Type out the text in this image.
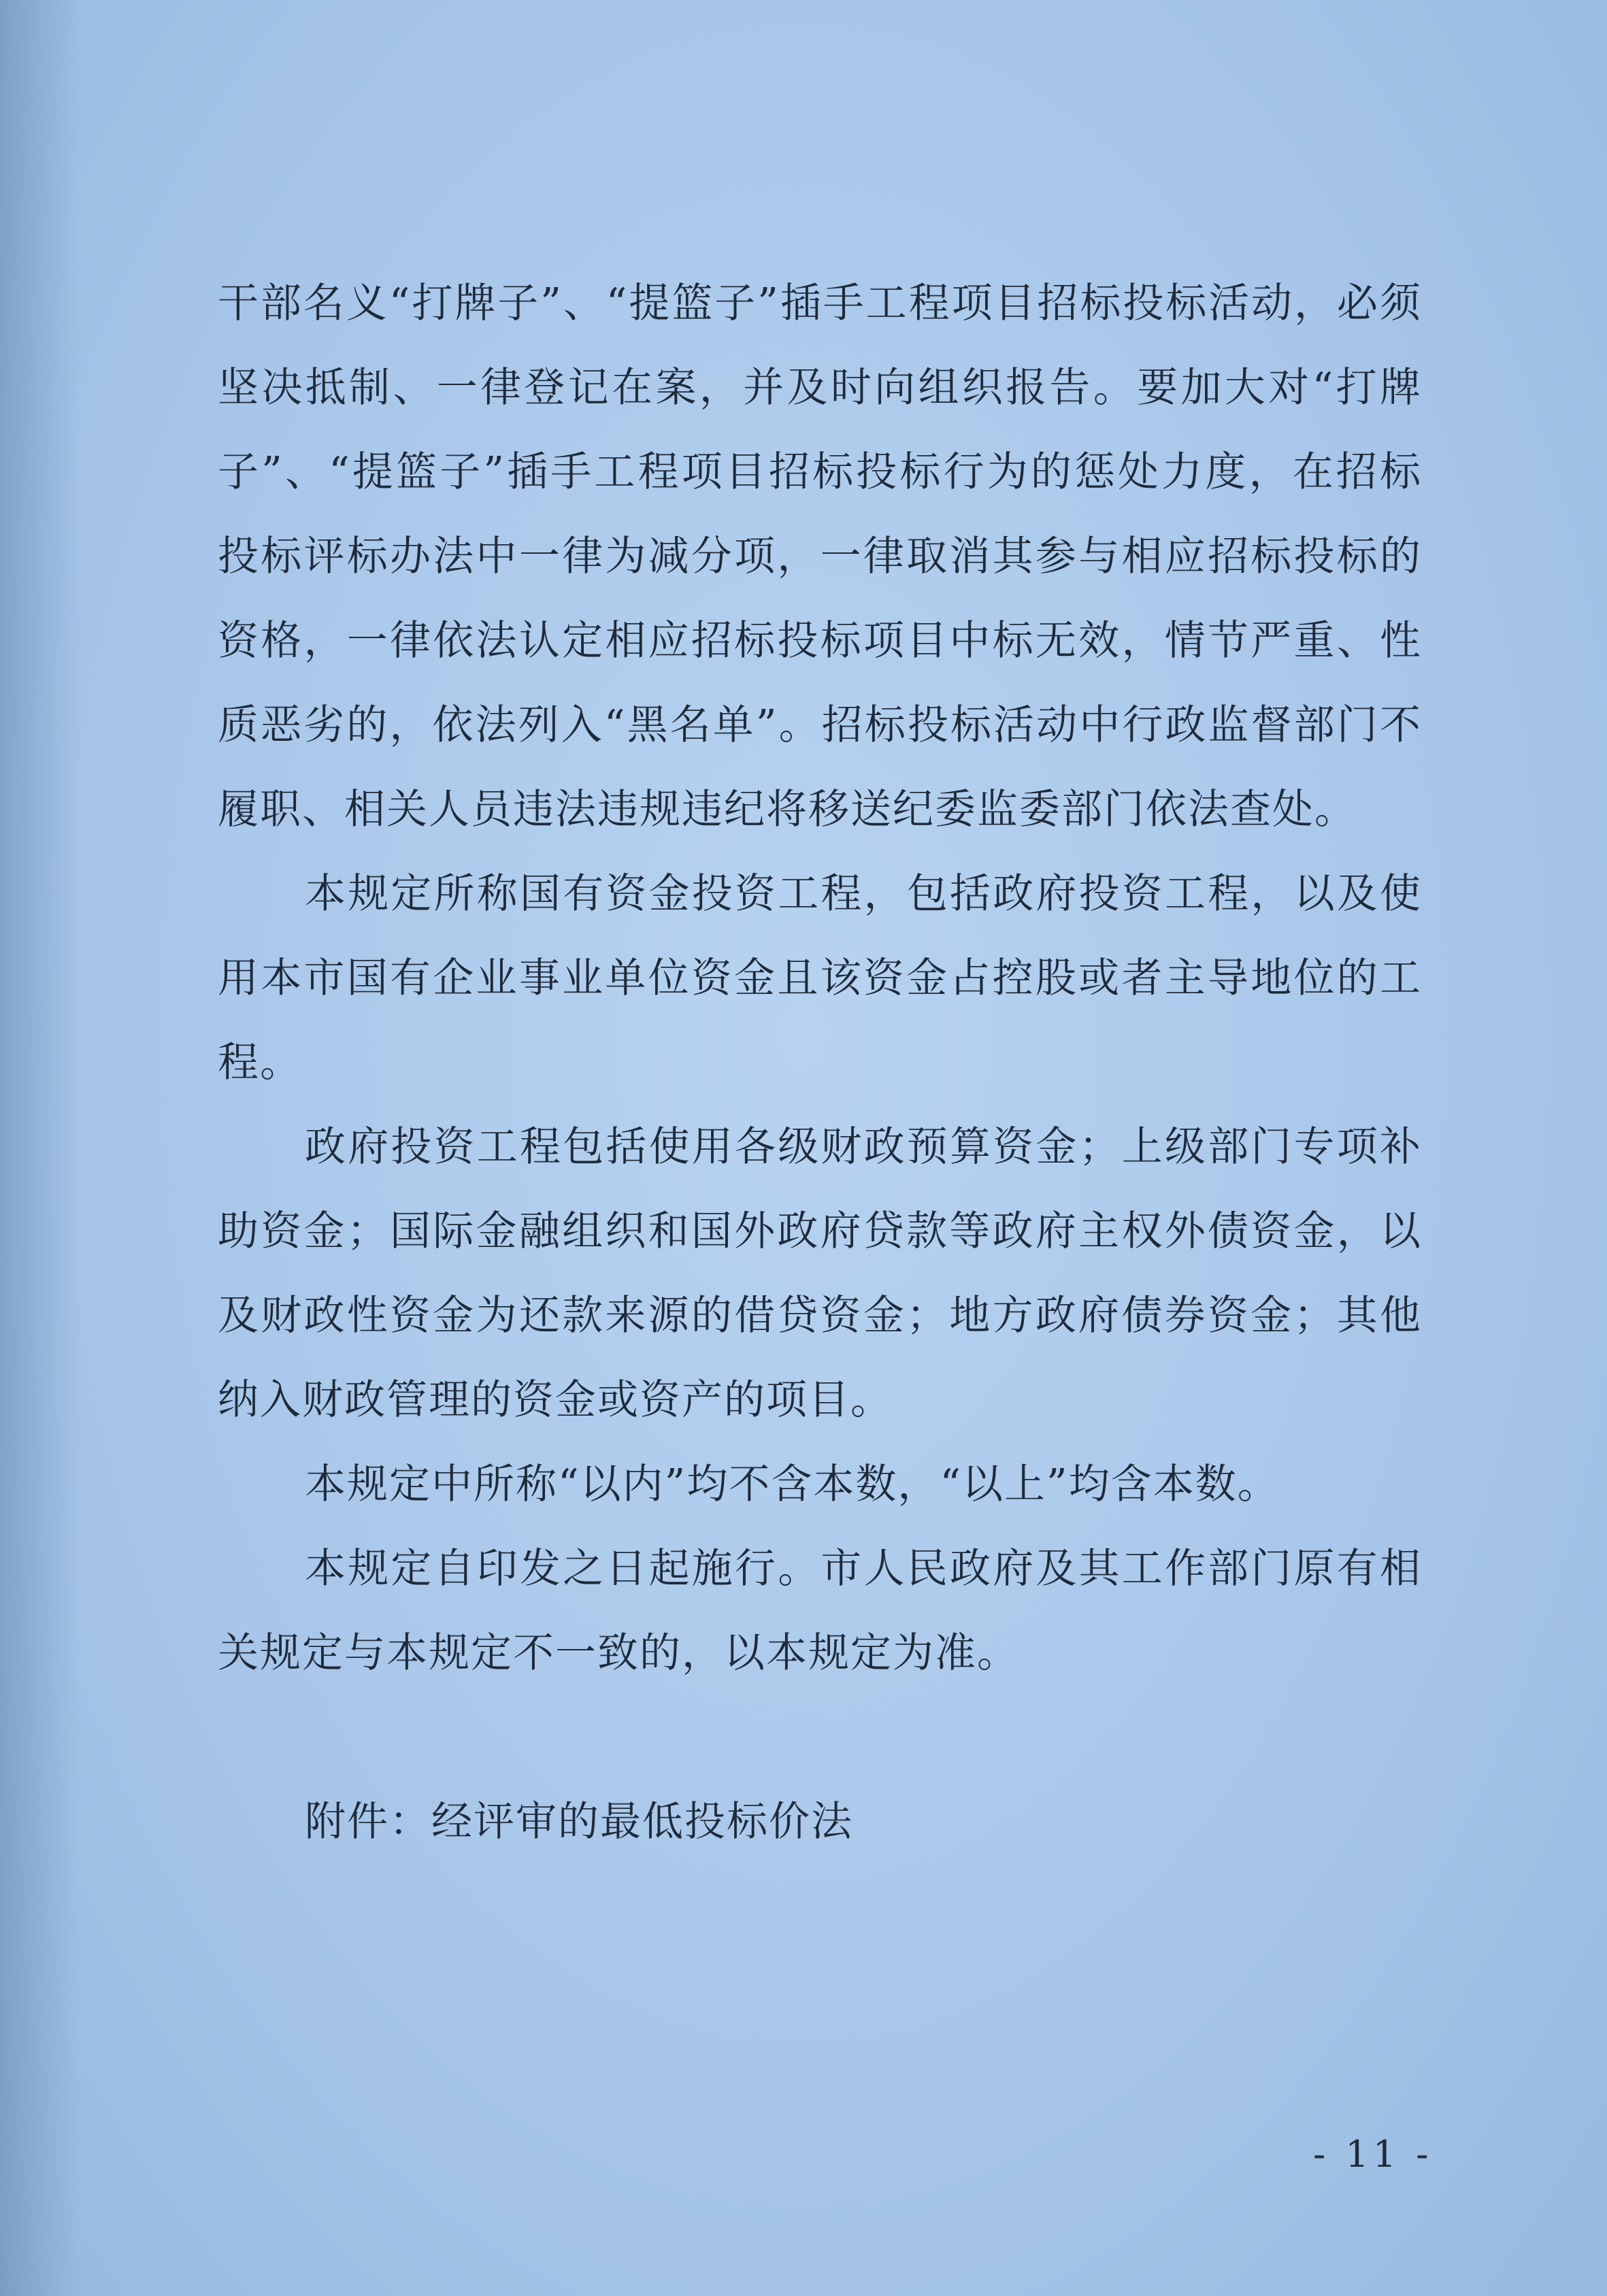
干部名义“打牌子”、“提篮子”插手工程项目招标投标活动，必须坚决抵制、一律登记在案，并及时向组织报告。要加大对“打牌子”、“提篮子”插手工程项目招标投标行为的惩处力度，在招标投标评标办法中一律为减分项，一律取消其参与相应招标投标的资格，一律依法认定相应招标投标项目中标无效，情节严重、性质恶劣的，依法列入“黑名单”。招标投标活动中行政监督部门不履职、相关人员违法违规违纪将移送纪委监委部门依法查处。

本规定所称国有资金投资工程，包括政府投资工程，以及使用本市国有企业事业单位资金且该资金占控股或者主导地位的工程。

政府投资工程包括使用各级财政预算资金；上级部门专项补助资金；国际金融组织和国外政府贷款等政府主权外债资金，以及财政性资金为还款来源的借贷资金；地方政府债券资金；其他纳入财政管理的资金或资产的项目。

本规定中所称“以内”均不含本数，“以上”均含本数。

本规定自印发之日起施行。市人民政府及其工作部门原有相关规定与本规定不一致的，以本规定为准。

附件：经评审的最低投标价法

- 11 -
